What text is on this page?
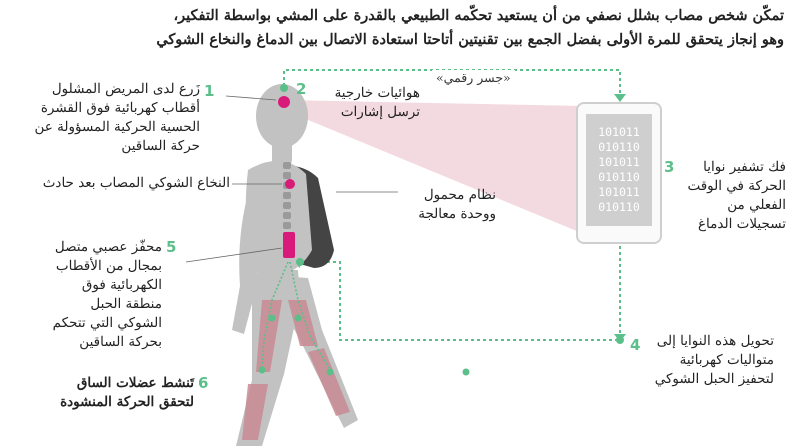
تمكّن شخص مصاب بشلل نصفي من أن يستعيد تحكّمه الطبيعي بالقدرة على المشي بواسطة التفكير،
وهو إنجاز يتحقق للمرة الأولى بفضل الجمع بين تقنيتين أتاحتا استعادة الاتصال بين الدماغ والنخاع الشوكي
101011
010110
101011
010110
101011
010110
«جسر رقمي»
1
زَرع لدى المريض المشلول أقطاب كهربائية فوق القشرة الحسية الحركية المسؤولة عن حركة الساقين
2	هوائيات خارجية ترسل إشارات
النخاع الشوكي المصاب بعد حادث
نظام محمول ووحدة معالجة
3	فك تشفير نوايا الحركة في الوقت الفعلي من تسجيلات الدماغ
4	تحويل هذه النوايا إلى متواليات كهربائية لتحفيز الحبل الشوكي
5
محفّز عصبي متصل بمجال من الأقطاب الكهربائية فوق منطقة الحبل الشوكي التي تتحكم بحركة الساقين
6
تَنشط عضلات الساق لتحقق الحركة المنشودة
